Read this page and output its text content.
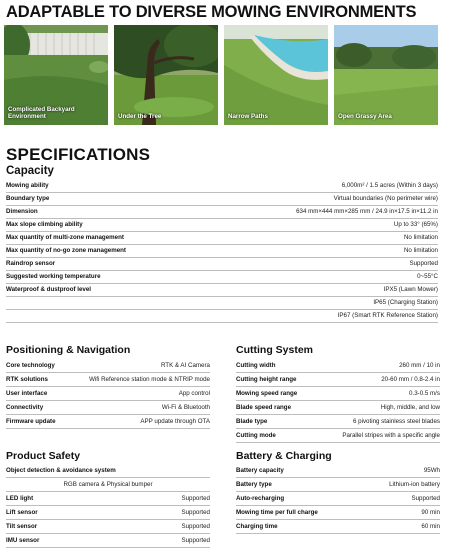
ADAPTABLE TO DIVERSE MOWING ENVIRONMENTS
Complicated Backyard Environment	Under the Tree	Narrow Paths	Open Grassy Area
SPECIFICATIONS
Capacity
Mowing ability	6,000m² / 1.5 acres (Within 3 days)
Boundary type	Virtual boundaries (No perimeter wire)
Dimension	634 mm×444 mm×285 mm / 24.9 in×17.5 in×11.2 in
Max slope climbing ability	Up to 33° (65%)
Max quantity of multi-zone management	No limitation
Max quantity of no-go zone management	No limitation
Raindrop sensor	Supported
Suggested working temperature	0~55°C
Waterproof & dustproof level	IPX5 (Lawn Mower)
IP65 (Charging Station)
IP67 (Smart RTK Reference Station)
Positioning & Navigation
Core technology	RTK & AI Camera
RTK solutions	Wifi Reference station mode & NTRIP mode
User interface	App control
Connectivity	Wi-Fi & Bluetooth
Firmware update	APP update through OTA
Cutting System
Cutting width	260 mm / 10 in
Cutting height range	20-60 mm / 0.8-2.4 in
Mowing speed range	0.3-0.5 m/s
Blade speed range	High, middle, and low
Blade type	6 pivoting stainless steel blades
Cutting mode	Parallel stripes with a specific angle
Product Safety
Object detection & avoidance system
RGB camera & Physical bumper
LED light	Supported
Lift sensor	Supported
Tilt sensor	Supported
IMU sensor	Supported
Battery & Charging
Battery capacity	95Wh
Battery type	Lithium-ion battery
Auto-recharging	Supported
Mowing time per full charge	90 min
Charging time	60 min
